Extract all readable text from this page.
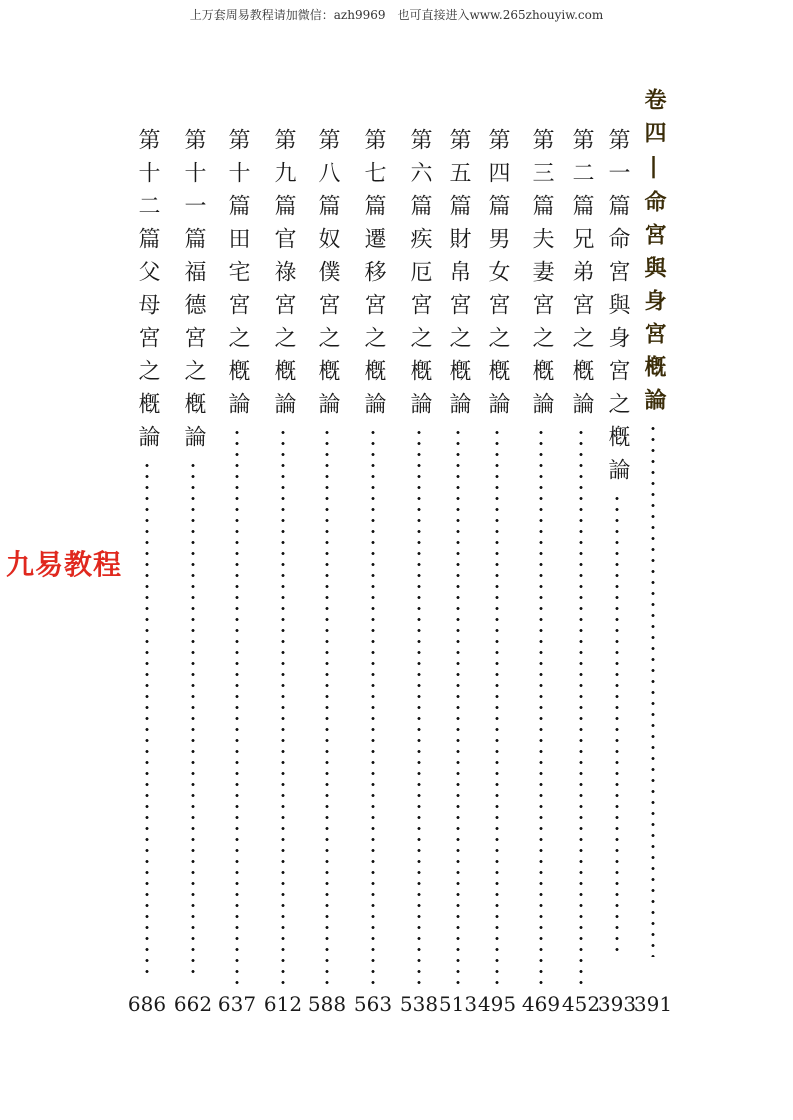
上万套周易教程请加微信：azh9969　也可直接进入www.265zhouyiw.com
九易教程
卷四|命宮與身宮槪論
391
第一篇命宮與身宮之槪論
393
第二篇兄弟宮之槪論
452
第三篇夫妻宮之槪論
469
第四篇男女宮之槪論
495
第五篇財帛宮之槪論
513
第六篇疾厄宮之槪論
538
第七篇遷移宮之槪論
563
第八篇奴僕宮之槪論
588
第九篇官祿宮之槪論
612
第十篇田宅宮之槪論
637
第十一篇福德宮之槪論
662
第十二篇父母宮之槪論
686
